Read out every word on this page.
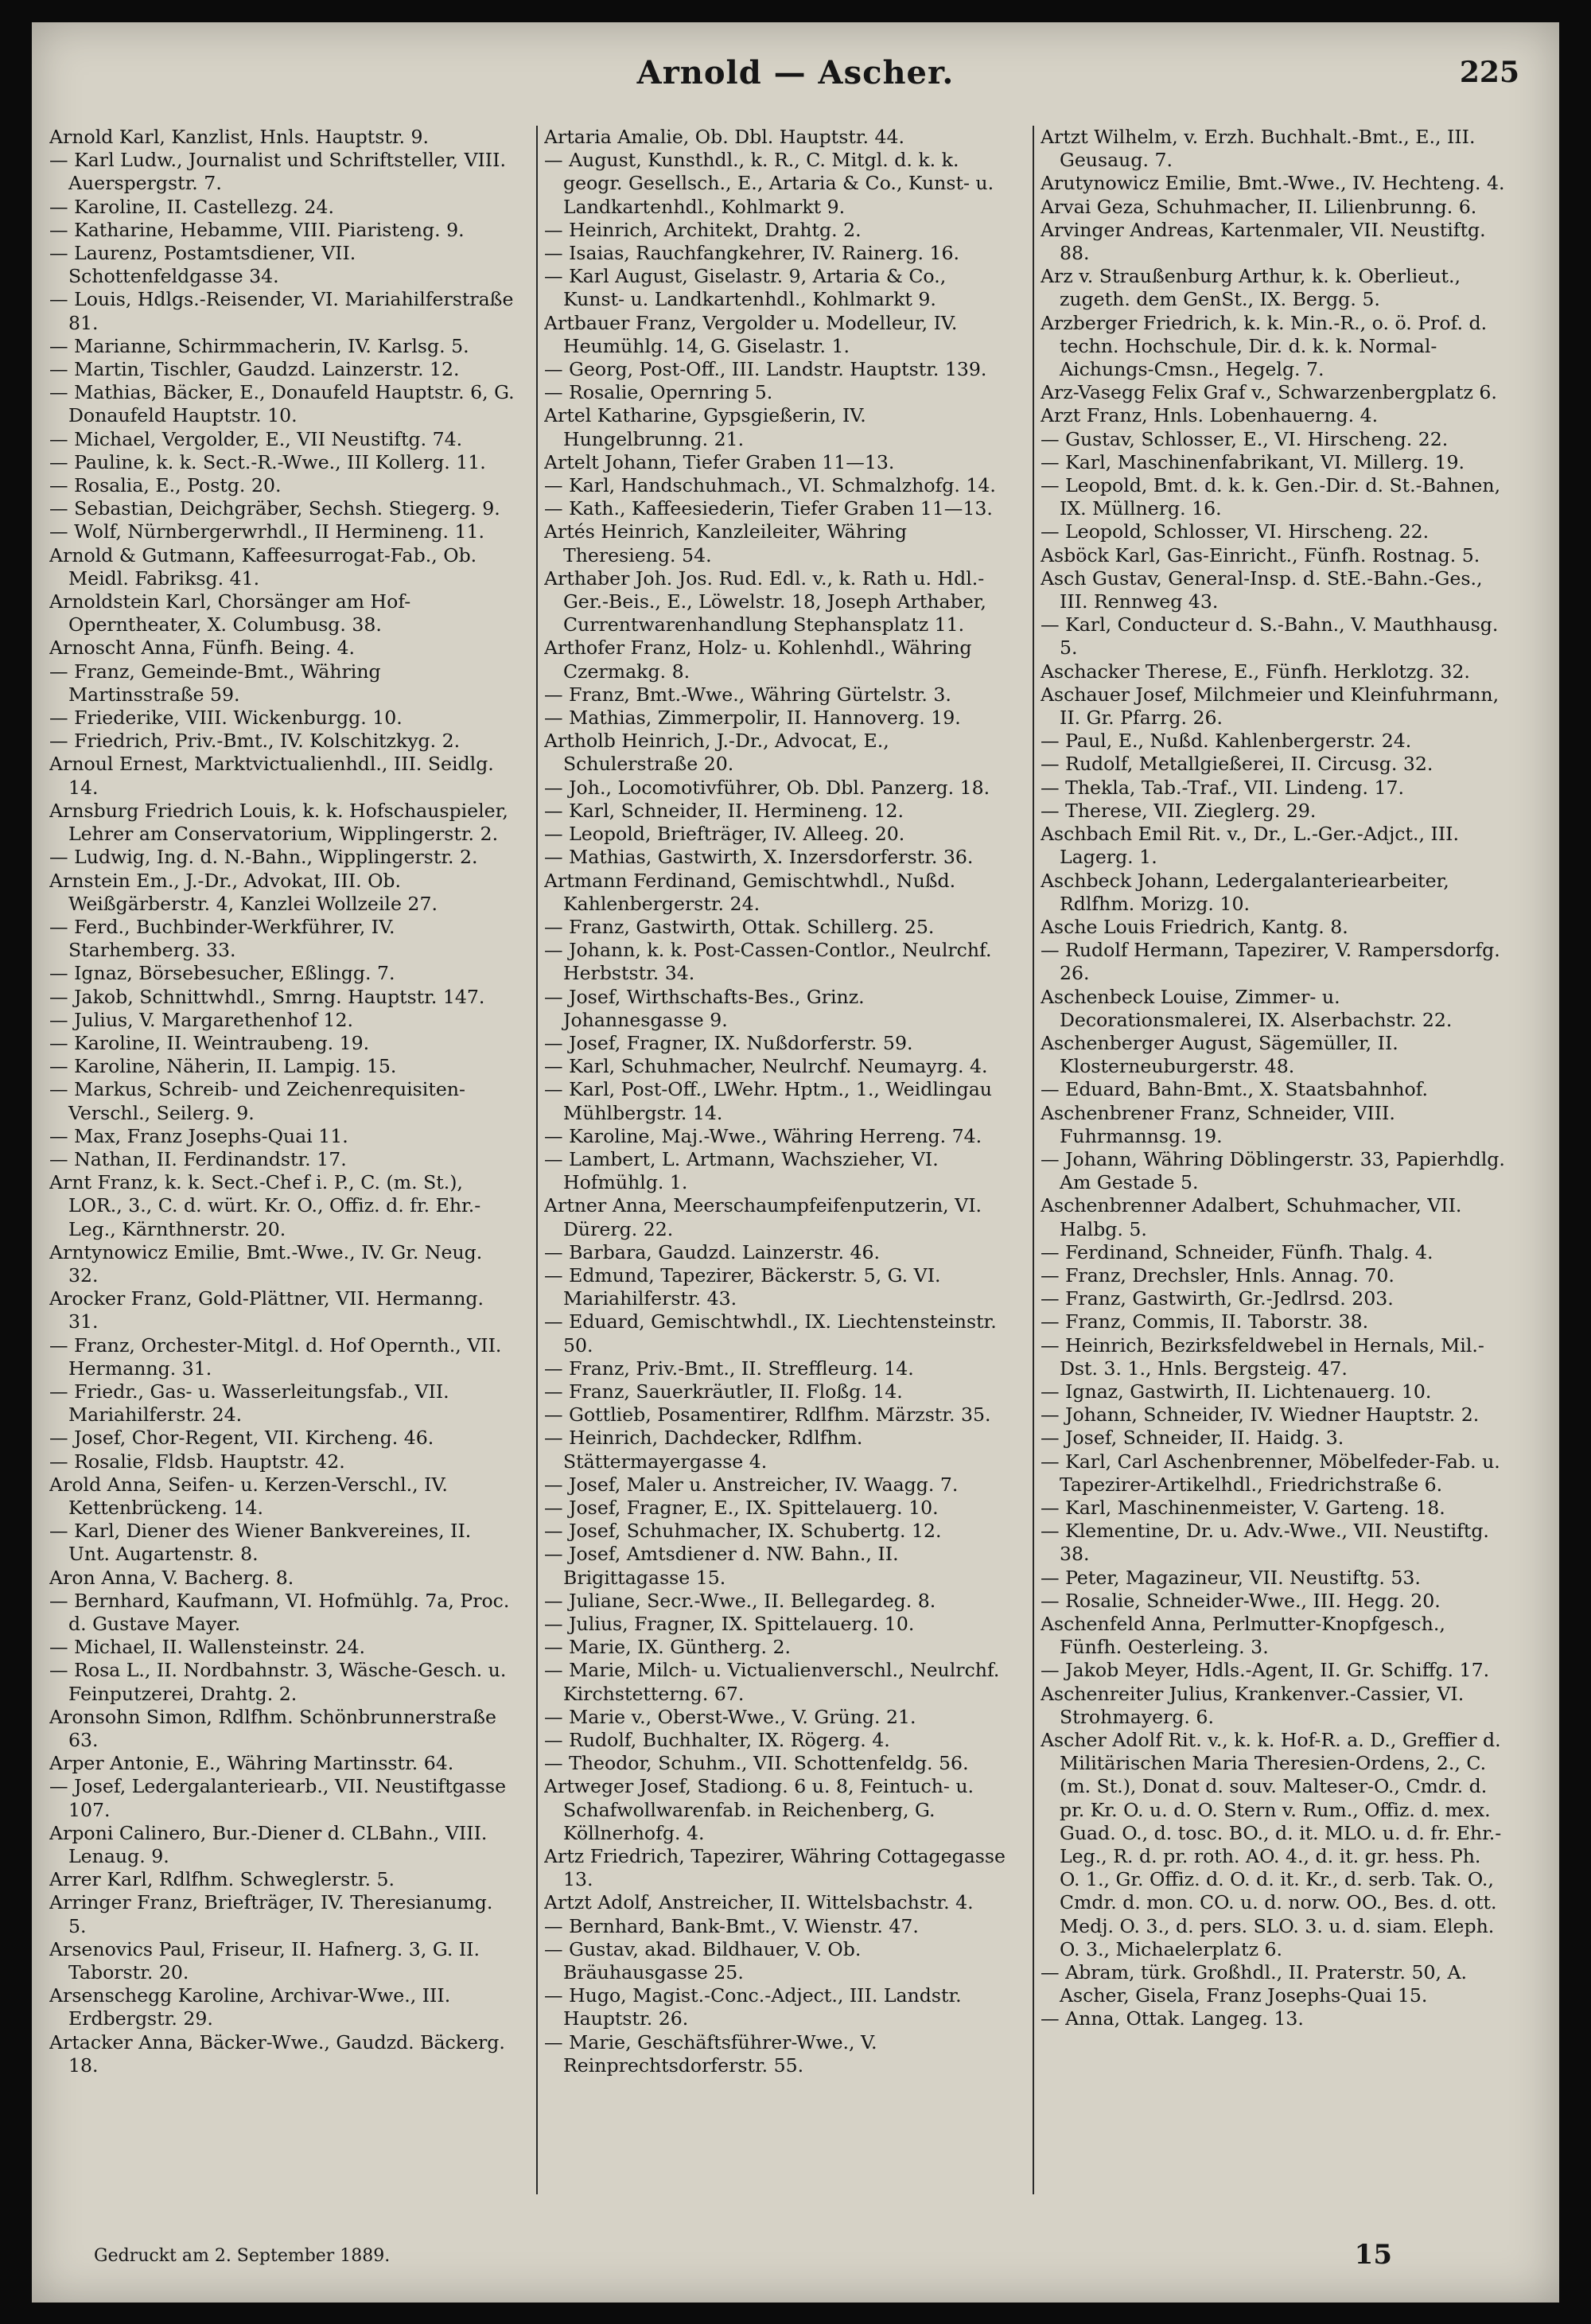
Arnold — Ascher.	225

Arnold Karl, Kanzlist, Hnls. Hauptstr. 9.

— Karl Ludw., Journalist und Schriftsteller, VIII. Auerspergstr. 7.

— Karoline, II. Castellezg. 24.

— Katharine, Hebamme, VIII. Piaristeng. 9.

— Laurenz, Postamtsdiener, VII. Schottenfeldgasse 34.

— Louis, Hdlgs.-Reisender, VI. Mariahilferstraße 81.

— Marianne, Schirmmacherin, IV. Karlsg. 5.

— Martin, Tischler, Gaudzd. Lainzerstr. 12.

— Mathias, Bäcker, E., Donaufeld Hauptstr. 6, G. Donaufeld Hauptstr. 10.

— Michael, Vergolder, E., VII Neustiftg. 74.

— Pauline, k. k. Sect.-R.-Wwe., III Kollerg. 11.

— Rosalia, E., Postg. 20.

— Sebastian, Deichgräber, Sechsh. Stiegerg. 9.

— Wolf, Nürnbergerwrhdl., II Hermineng. 11.

Arnold & Gutmann, Kaffeesurrogat-Fab., Ob. Meidl. Fabriksg. 41.

Arnoldstein Karl, Chorsänger am Hof-Operntheater, X. Columbusg. 38.

Arnoscht Anna, Fünfh. Being. 4.

— Franz, Gemeinde-Bmt., Währing Martinsstraße 59.

— Friederike, VIII. Wickenburgg. 10.

— Friedrich, Priv.-Bmt., IV. Kolschitzkyg. 2.

Arnoul Ernest, Marktvictualienhdl., III. Seidlg. 14.

Arnsburg Friedrich Louis, k. k. Hofschauspieler, Lehrer am Conservatorium, Wipplingerstr. 2.

— Ludwig, Ing. d. N.-Bahn., Wipplingerstr. 2.

Arnstein Em., J.-Dr., Advokat, III. Ob. Weißgärberstr. 4, Kanzlei Wollzeile 27.

— Ferd., Buchbinder-Werkführer, IV. Starhemberg. 33.

— Ignaz, Börsebesucher, Eßlingg. 7.

— Jakob, Schnittwhdl., Smrng. Hauptstr. 147.

— Julius, V. Margarethenhof 12.

— Karoline, II. Weintraubeng. 19.

— Karoline, Näherin, II. Lampig. 15.

— Markus, Schreib- und Zeichenrequisiten-Verschl., Seilerg. 9.

— Max, Franz Josephs-Quai 11.

— Nathan, II. Ferdinandstr. 17.

Arnt Franz, k. k. Sect.-Chef i. P., C. (m. St.), LOR., 3., C. d. würt. Kr. O., Offiz. d. fr. Ehr.-Leg., Kärnthnerstr. 20.

Arntynowicz Emilie, Bmt.-Wwe., IV. Gr. Neug. 32.

Arocker Franz, Gold-Plättner, VII. Hermanng. 31.

— Franz, Orchester-Mitgl. d. Hof Opernth., VII. Hermanng. 31.

— Friedr., Gas- u. Wasserleitungsfab., VII. Mariahilferstr. 24.

— Josef, Chor-Regent, VII. Kircheng. 46.

— Rosalie, Fldsb. Hauptstr. 42.

Arold Anna, Seifen- u. Kerzen-Verschl., IV. Kettenbrückeng. 14.

— Karl, Diener des Wiener Bankvereines, II. Unt. Augartenstr. 8.

Aron Anna, V. Bacherg. 8.

— Bernhard, Kaufmann, VI. Hofmühlg. 7a, Proc. d. Gustave Mayer.

— Michael, II. Wallensteinstr. 24.

— Rosa L., II. Nordbahnstr. 3, Wäsche-Gesch. u. Feinputzerei, Drahtg. 2.

Aronsohn Simon, Rdlfhm. Schönbrunnerstraße 63.

Arper Antonie, E., Währing Martinsstr. 64.

— Josef, Ledergalanteriearb., VII. Neustiftgasse 107.

Arponi Calinero, Bur.-Diener d. CLBahn., VIII. Lenaug. 9.

Arrer Karl, Rdlfhm. Schweglerstr. 5.

Arringer Franz, Briefträger, IV. Theresianumg. 5.

Arsenovics Paul, Friseur, II. Hafnerg. 3, G. II. Taborstr. 20.

Arsenschegg Karoline, Archivar-Wwe., III. Erdbergstr. 29.

Artacker Anna, Bäcker-Wwe., Gaudzd. Bäckerg. 18.

Artaria Amalie, Ob. Dbl. Hauptstr. 44.

— August, Kunsthdl., k. R., C. Mitgl. d. k. k. geogr. Gesellsch., E., Artaria & Co., Kunst- u. Landkartenhdl., Kohlmarkt 9.

— Heinrich, Architekt, Drahtg. 2.

— Isaias, Rauchfangkehrer, IV. Rainerg. 16.

— Karl August, Giselastr. 9, Artaria & Co., Kunst- u. Landkartenhdl., Kohlmarkt 9.

Artbauer Franz, Vergolder u. Modelleur, IV. Heumühlg. 14, G. Giselastr. 1.

— Georg, Post-Off., III. Landstr. Hauptstr. 139.

— Rosalie, Opernring 5.

Artel Katharine, Gypsgießerin, IV. Hungelbrunng. 21.

Artelt Johann, Tiefer Graben 11—13.

— Karl, Handschuhmach., VI. Schmalzhofg. 14.

— Kath., Kaffeesiederin, Tiefer Graben 11—13.

Artés Heinrich, Kanzleileiter, Währing Theresieng. 54.

Arthaber Joh. Jos. Rud. Edl. v., k. Rath u. Hdl.-Ger.-Beis., E., Löwelstr. 18, Joseph Arthaber, Currentwarenhandlung Stephansplatz 11.

Arthofer Franz, Holz- u. Kohlenhdl., Währing Czermakg. 8.

— Franz, Bmt.-Wwe., Währing Gürtelstr. 3.

— Mathias, Zimmerpolir, II. Hannoverg. 19.

Artholb Heinrich, J.-Dr., Advocat, E., Schulerstraße 20.

— Joh., Locomotivführer, Ob. Dbl. Panzerg. 18.

— Karl, Schneider, II. Hermineng. 12.

— Leopold, Briefträger, IV. Alleeg. 20.

— Mathias, Gastwirth, X. Inzersdorferstr. 36.

Artmann Ferdinand, Gemischtwhdl., Nußd. Kahlenbergerstr. 24.

— Franz, Gastwirth, Ottak. Schillerg. 25.

— Johann, k. k. Post-Cassen-Contlor., Neulrchf. Herbststr. 34.

— Josef, Wirthschafts-Bes., Grinz. Johannesgasse 9.

— Josef, Fragner, IX. Nußdorferstr. 59.

— Karl, Schuhmacher, Neulrchf. Neumayrg. 4.

— Karl, Post-Off., LWehr. Hptm., 1., Weidlingau Mühlbergstr. 14.

— Karoline, Maj.-Wwe., Währing Herreng. 74.

— Lambert, L. Artmann, Wachszieher, VI. Hofmühlg. 1.

Artner Anna, Meerschaumpfeifenputzerin, VI. Dürerg. 22.

— Barbara, Gaudzd. Lainzerstr. 46.

— Edmund, Tapezirer, Bäckerstr. 5, G. VI. Mariahilferstr. 43.

— Eduard, Gemischtwhdl., IX. Liechtensteinstr. 50.

— Franz, Priv.-Bmt., II. Streffleurg. 14.

— Franz, Sauerkräutler, II. Floßg. 14.

— Gottlieb, Posamentirer, Rdlfhm. Märzstr. 35.

— Heinrich, Dachdecker, Rdlfhm. Stättermayergasse 4.

— Josef, Maler u. Anstreicher, IV. Waagg. 7.

— Josef, Fragner, E., IX. Spittelauerg. 10.

— Josef, Schuhmacher, IX. Schubertg. 12.

— Josef, Amtsdiener d. NW. Bahn., II. Brigittagasse 15.

— Juliane, Secr.-Wwe., II. Bellegardeg. 8.

— Julius, Fragner, IX. Spittelauerg. 10.

— Marie, IX. Güntherg. 2.

— Marie, Milch- u. Victualienverschl., Neulrchf. Kirchstetterng. 67.

— Marie v., Oberst-Wwe., V. Grüng. 21.

— Rudolf, Buchhalter, IX. Rögerg. 4.

— Theodor, Schuhm., VII. Schottenfeldg. 56.

Artweger Josef, Stadiong. 6 u. 8, Feintuch- u. Schafwollwarenfab. in Reichenberg, G. Köllnerhofg. 4.

Artz Friedrich, Tapezirer, Währing Cottagegasse 13.

Artzt Adolf, Anstreicher, II. Wittelsbachstr. 4.

— Bernhard, Bank-Bmt., V. Wienstr. 47.

— Gustav, akad. Bildhauer, V. Ob. Bräuhausgasse 25.

— Hugo, Magist.-Conc.-Adject., III. Landstr. Hauptstr. 26.

— Marie, Geschäftsführer-Wwe., V. Reinprechtsdorferstr. 55.

Artzt Wilhelm, v. Erzh. Buchhalt.-Bmt., E., III. Geusaug. 7.

Arutynowicz Emilie, Bmt.-Wwe., IV. Hechteng. 4.

Arvai Geza, Schuhmacher, II. Lilienbrunng. 6.

Arvinger Andreas, Kartenmaler, VII. Neustiftg. 88.

Arz v. Straußenburg Arthur, k. k. Oberlieut., zugeth. dem GenSt., IX. Bergg. 5.

Arzberger Friedrich, k. k. Min.-R., o. ö. Prof. d. techn. Hochschule, Dir. d. k. k. Normal-Aichungs-Cmsn., Hegelg. 7.

Arz-Vasegg Felix Graf v., Schwarzenbergplatz 6.

Arzt Franz, Hnls. Lobenhauerng. 4.

— Gustav, Schlosser, E., VI. Hirscheng. 22.

— Karl, Maschinenfabrikant, VI. Millerg. 19.

— Leopold, Bmt. d. k. k. Gen.-Dir. d. St.-Bahnen, IX. Müllnerg. 16.

— Leopold, Schlosser, VI. Hirscheng. 22.

Asböck Karl, Gas-Einricht., Fünfh. Rostnag. 5.

Asch Gustav, General-Insp. d. StE.-Bahn.-Ges., III. Rennweg 43.

— Karl, Conducteur d. S.-Bahn., V. Mauthhausg. 5.

Aschacker Therese, E., Fünfh. Herklotzg. 32.

Aschauer Josef, Milchmeier und Kleinfuhrmann, II. Gr. Pfarrg. 26.

— Paul, E., Nußd. Kahlenbergerstr. 24.

— Rudolf, Metallgießerei, II. Circusg. 32.

— Thekla, Tab.-Traf., VII. Lindeng. 17.

— Therese, VII. Zieglerg. 29.

Aschbach Emil Rit. v., Dr., L.-Ger.-Adjct., III. Lagerg. 1.

Aschbeck Johann, Ledergalanteriearbeiter, Rdlfhm. Morizg. 10.

Asche Louis Friedrich, Kantg. 8.

— Rudolf Hermann, Tapezirer, V. Rampersdorfg. 26.

Aschenbeck Louise, Zimmer- u. Decorationsmalerei, IX. Alserbachstr. 22.

Aschenberger August, Sägemüller, II. Klosterneuburgerstr. 48.

— Eduard, Bahn-Bmt., X. Staatsbahnhof.

Aschenbrener Franz, Schneider, VIII. Fuhrmannsg. 19.

— Johann, Währing Döblingerstr. 33, Papierhdlg. Am Gestade 5.

Aschenbrenner Adalbert, Schuhmacher, VII. Halbg. 5.

— Ferdinand, Schneider, Fünfh. Thalg. 4.

— Franz, Drechsler, Hnls. Annag. 70.

— Franz, Gastwirth, Gr.-Jedlrsd. 203.

— Franz, Commis, II. Taborstr. 38.

— Heinrich, Bezirksfeldwebel in Hernals, Mil.-Dst. 3. 1., Hnls. Bergsteig. 47.

— Ignaz, Gastwirth, II. Lichtenauerg. 10.

— Johann, Schneider, IV. Wiedner Hauptstr. 2.

— Josef, Schneider, II. Haidg. 3.

— Karl, Carl Aschenbrenner, Möbelfeder-Fab. u. Tapezirer-Artikelhdl., Friedrichstraße 6.

— Karl, Maschinenmeister, V. Garteng. 18.

— Klementine, Dr. u. Adv.-Wwe., VII. Neustiftg. 38.

— Peter, Magazineur, VII. Neustiftg. 53.

— Rosalie, Schneider-Wwe., III. Hegg. 20.

Aschenfeld Anna, Perlmutter-Knopfgesch., Fünfh. Oesterleing. 3.

— Jakob Meyer, Hdls.-Agent, II. Gr. Schiffg. 17.

Aschenreiter Julius, Krankenver.-Cassier, VI. Strohmayerg. 6.

Ascher Adolf Rit. v., k. k. Hof-R. a. D., Greffier d. Militärischen Maria Theresien-Ordens, 2., C. (m. St.), Donat d. souv. Malteser-O., Cmdr. d. pr. Kr. O. u. d. O. Stern v. Rum., Offiz. d. mex. Guad. O., d. tosc. BO., d. it. MLO. u. d. fr. Ehr.-Leg., R. d. pr. roth. AO. 4., d. it. gr. hess. Ph. O. 1., Gr. Offiz. d. O. d. it. Kr., d. serb. Tak. O., Cmdr. d. mon. CO. u. d. norw. OO., Bes. d. ott. Medj. O. 3., d. pers. SLO. 3. u. d. siam. Eleph. O. 3., Michaelerplatz 6.

— Abram, türk. Großhdl., II. Praterstr. 50, A. Ascher, Gisela, Franz Josephs-Quai 15.

— Anna, Ottak. Langeg. 13.

Gedruckt am 2. September 1889.	15
